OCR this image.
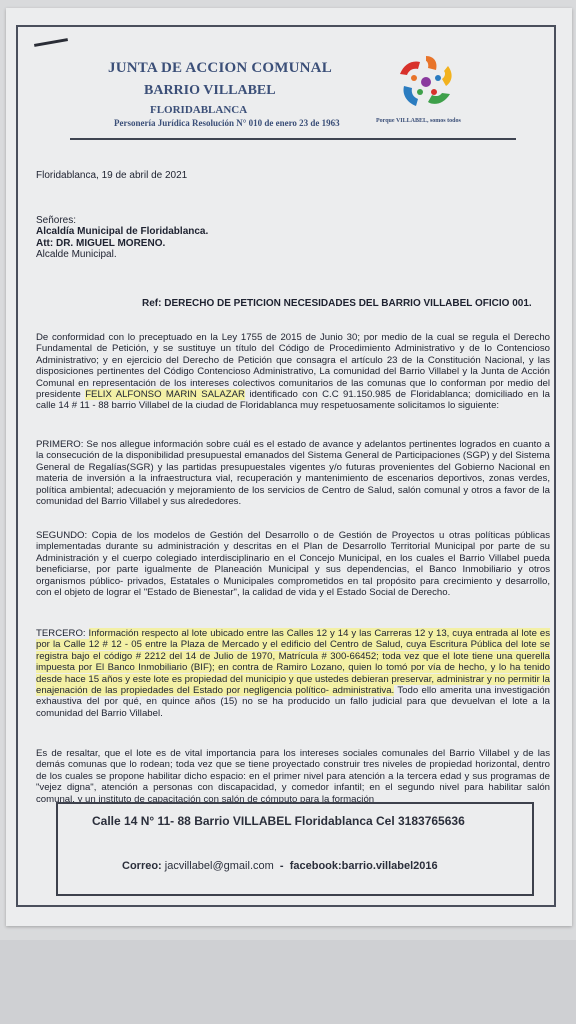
JUNTA DE ACCION COMUNAL
BARRIO VILLABEL
FLORIDABLANCA
Personería Jurídica Resolución N° 010 de enero 23 de 1963	Porque VILLABEL, somos todos
Floridablanca, 19 de abril de 2021
Señores:
Alcaldía Municipal de Floridablanca.
Att: DR. MIGUEL MORENO.
Alcalde Municipal.
Ref: DERECHO DE PETICION NECESIDADES DEL BARRIO VILLABEL OFICIO 001.
De conformidad con lo preceptuado en la Ley 1755 de 2015 de Junio 30; por medio de la cual se regula el Derecho Fundamental de Petición, y se sustituye un título del Código de Procedimiento Administrativo y de lo Contencioso Administrativo; y en ejercicio del Derecho de Petición que consagra el artículo 23 de la Constitución Nacional, y las disposiciones pertinentes del Código Contencioso Administrativo, La comunidad del Barrio Villabel y la Junta de Acción Comunal en representación de los intereses colectivos comunitarios de las comunas que lo conforman por medio del presidente FELIX ALFONSO MARIN SALAZAR identificado con C.C 91.150.985 de Floridablanca; domiciliado en la calle 14 # 11 - 88 barrio Villabel de la ciudad de Floridablanca muy respetuosamente solicitamos lo siguiente:
PRIMERO: Se nos allegue información sobre cuál es el estado de avance y adelantos pertinentes logrados en cuanto a la consecución de la disponibilidad presupuestal emanados del Sistema General de Participaciones (SGP) y del Sistema General de Regalías(SGR) y las partidas presupuestales vigentes y/o futuras provenientes del Gobierno Nacional en materia de inversión a la infraestructura vial, recuperación y mantenimiento de escenarios deportivos, zonas verdes, política ambiental; adecuación y mejoramiento de los servicios de Centro de Salud, salón comunal y otros a favor de la comunidad del Barrio Villabel y sus alrededores.
SEGUNDO: Copia de los modelos de Gestión del Desarrollo o de Gestión de Proyectos u otras políticas públicas implementadas durante su administración y descritas en el Plan de Desarrollo Territorial Municipal por parte de su Administración y el cuerpo colegiado interdisciplinario en el Concejo Municipal, en los cuales el Barrio Villabel pueda beneficiarse, por parte igualmente de Planeación Municipal y sus dependencias, el Banco Inmobiliario y otros organismos público- privados, Estatales o Municipales comprometidos en tal propósito para crecimiento y desarrollo, con el objeto de lograr el "Estado de Bienestar", la calidad de vida y el Estado Social de Derecho.
TERCERO: Información respecto al lote ubicado entre las Calles 12 y 14 y las Carreras 12 y 13, cuya entrada al lote es por la Calle 12 # 12 - 05 entre la Plaza de Mercado y el edificio del Centro de Salud, cuya Escritura Pública del lote se registra bajo el código # 2212 del 14 de Julio de 1970, Matrícula # 300-66452; toda vez que el lote tiene una querella impuesta por El Banco Inmobiliario (BIF); en contra de Ramiro Lozano, quien lo tomó por vía de hecho, y lo ha tenido desde hace 15 años y este lote es propiedad del municipio y que ustedes debieran preservar, administrar y no permitir la enajenación de las propiedades del Estado por negligencia político- administrativa. Todo ello amerita una investigación exhaustiva del por qué, en quince años (15) no se ha producido un fallo judicial para que devuelvan el lote a la comunidad del Barrio Villabel.
Es de resaltar, que el lote es de vital importancia para los intereses sociales comunales del Barrio Villabel y de las demás comunas que lo rodean; toda vez que se tiene proyectado construir tres niveles de propiedad horizontal, dentro de los cuales se propone habilitar dicho espacio: en el primer nivel para atención a la tercera edad y sus programas de "vejez digna", atención a personas con discapacidad, y comedor infantil; en el segundo nivel para habilitar salón comunal, y un instituto de capacitación con salón de cómputo para la formación
Calle 14 N° 11- 88 Barrio VILLABEL Floridablanca Cel 3183765636
Correo: jacvillabel@gmail.com - facebook:barrio.villabel2016
